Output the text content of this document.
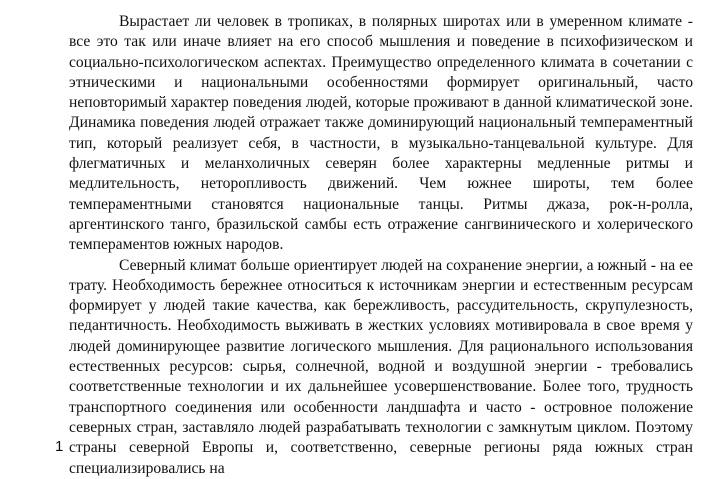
Вырастает ли человек в тропиках, в полярных широтах или в умеренном климате - все это так или иначе влияет на его способ мышления и поведение в психофизическом и социально-психологическом аспектах. Преимущество определенного климата в сочетании с этническими и национальными особенностями формирует оригинальный, часто неповторимый характер поведения людей, которые проживают в данной климатической зоне. Динамика поведения людей отражает также доминирующий национальный темпераментный тип, который реализует себя, в частности, в музыкально-танцевальной культуре. Для флегматичных и меланхоличных северян более характерны медленные ритмы и медлительность, неторопливость движений. Чем южнее широты, тем более темпераментными становятся национальные танцы. Ритмы джаза, рок-н-ролла, аргентинского танго, бразильской самбы есть отражение сангвинического и холерического темпераментов южных народов.

Северный климат больше ориентирует людей на сохранение энергии, а южный - на ее трату. Необходимость бережнее относиться к источникам энергии и естественным ресурсам формирует у людей такие качества, как бережливость, рассудительность, скрупулезность, педантичность. Необходимость выживать в жестких условиях мотивировала в свое время у людей доминирующее развитие логического мышления. Для рационального использования естественных ресурсов: сырья, солнечной, водной и воздушной энергии - требовались соответственные технологии и их дальнейшее усовершенствование. Более того, трудность транспортного соединения или особенности ландшафта и часто - островное положение северных стран, заставляло людей разрабатывать технологии с замкнутым циклом. Поэтому страны северной Европы и, соответственно, северные регионы ряда южных стран специализировались на

1
